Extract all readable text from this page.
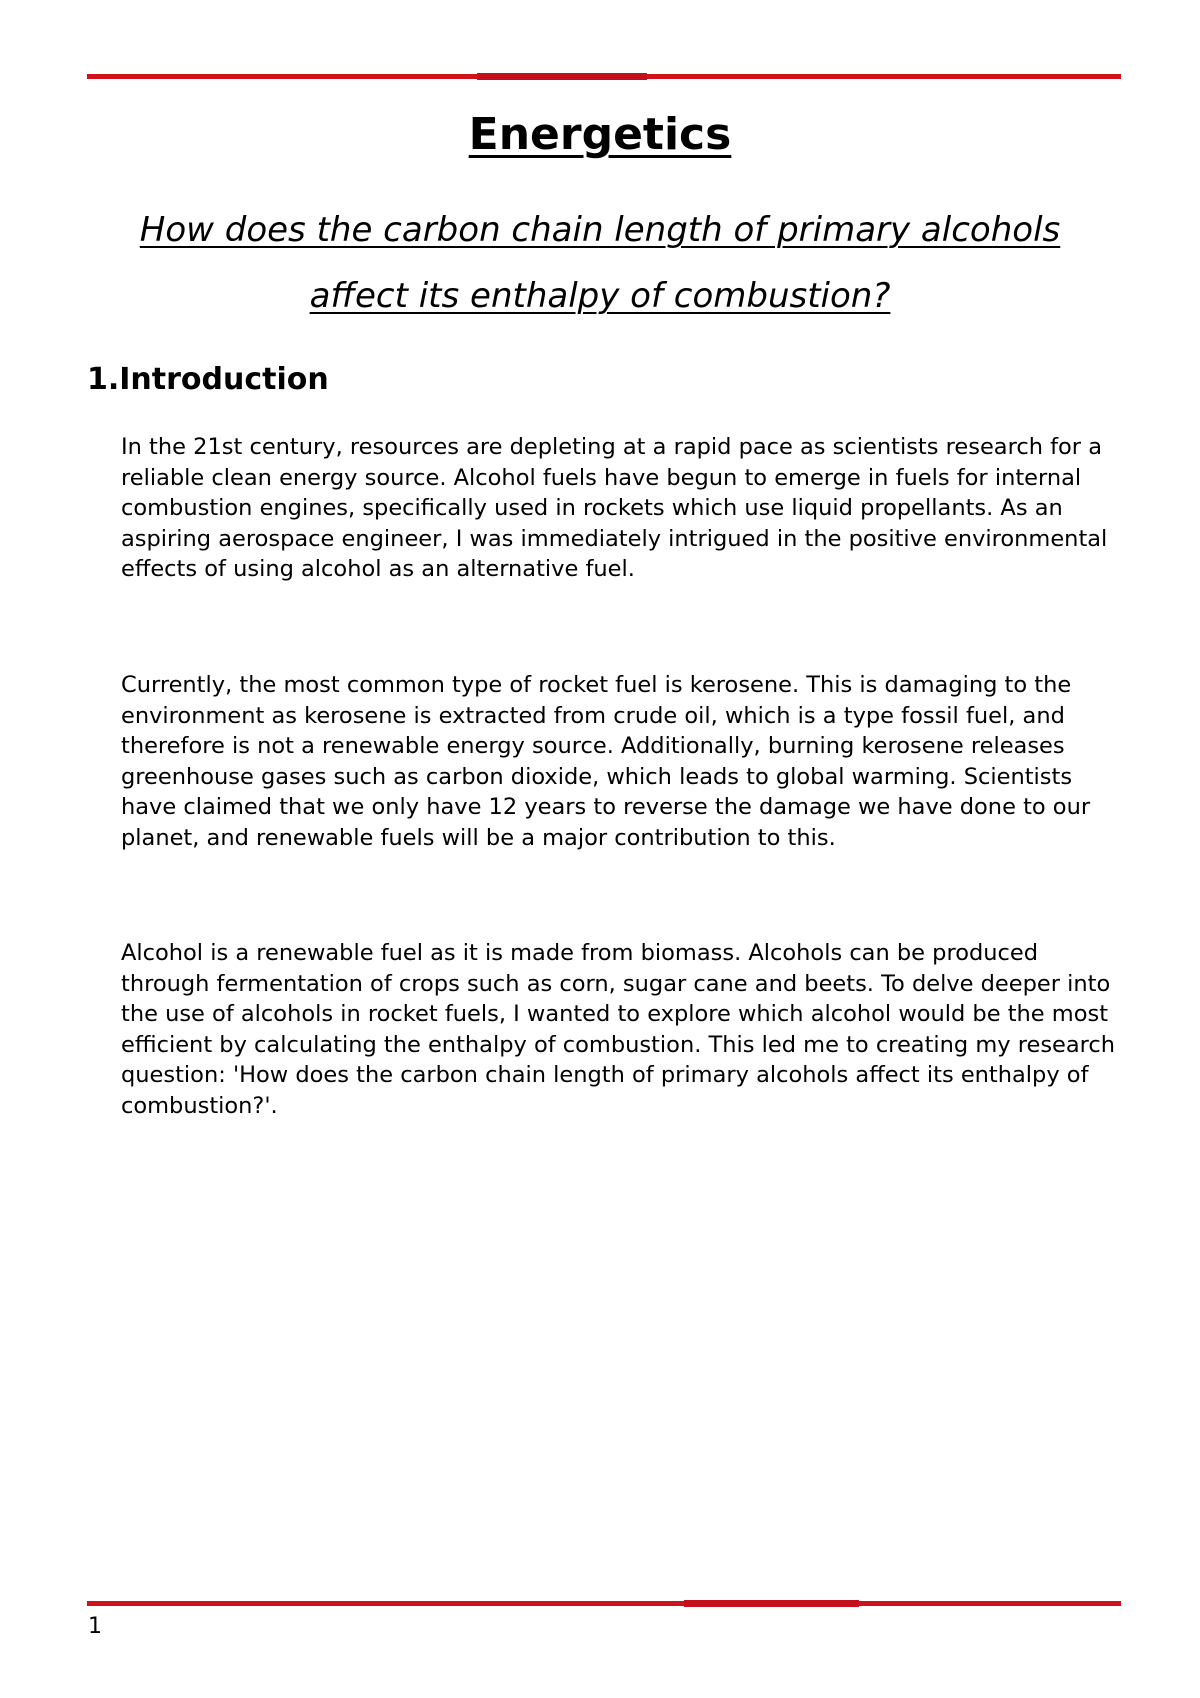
Energetics

How does the carbon chain length of primary alcohols affect its enthalpy of combustion?

1.Introduction

In the 21st century, resources are depleting at a rapid pace as scientists research for a reliable clean energy source. Alcohol fuels have begun to emerge in fuels for internal combustion engines, specifically used in rockets which use liquid propellants. As an aspiring aerospace engineer, I was immediately intrigued in the positive environmental effects of using alcohol as an alternative fuel.

Currently, the most common type of rocket fuel is kerosene. This is damaging to the environment as kerosene is extracted from crude oil, which is a type fossil fuel, and therefore is not a renewable energy source. Additionally, burning kerosene releases greenhouse gases such as carbon dioxide, which leads to global warming. Scientists have claimed that we only have 12 years to reverse the damage we have done to our planet, and renewable fuels will be a major contribution to this.

Alcohol is a renewable fuel as it is made from biomass. Alcohols can be produced through fermentation of crops such as corn, sugar cane and beets. To delve deeper into the use of alcohols in rocket fuels, I wanted to explore which alcohol would be the most efficient by calculating the enthalpy of combustion. This led me to creating my research question: 'How does the carbon chain length of primary alcohols affect its enthalpy of combustion?'.

1
